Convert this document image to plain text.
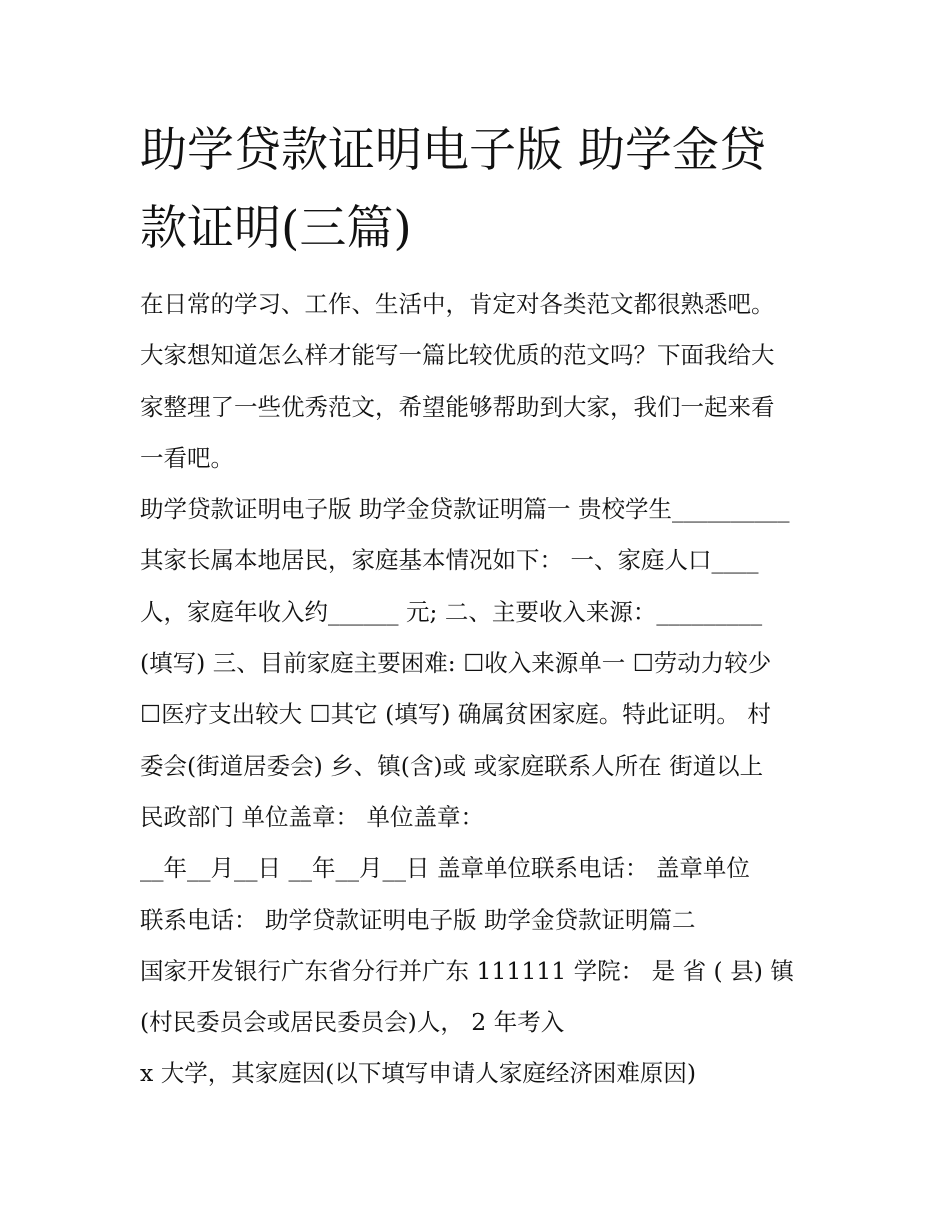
助学贷款证明电子版 助学金贷
款证明(三篇)
在日常的学习、工作、生活中，肯定对各类范文都很熟悉吧。
大家想知道怎么样才能写一篇比较优质的范文吗？下面我给大
家整理了一些优秀范文，希望能够帮助到大家，我们一起来看
一看吧。
助学贷款证明电子版 助学金贷款证明篇一 贵校学生__________
其家长属本地居民，家庭基本情况如下： 一、家庭人口____
人，家庭年收入约______ 元; 二、主要收入来源：_________
(填写) 三、目前家庭主要困难: ☐收入来源单一 ☐劳动力较少
☐医疗支出较大 ☐其它 (填写) 确属贫困家庭。特此证明。 村
委会(街道居委会) 乡、镇(含)或 或家庭联系人所在 街道以上
民政部门 单位盖章： 单位盖章：
__年__月__日 __年__月__日 盖章单位联系电话： 盖章单位
联系电话： 助学贷款证明电子版 助学金贷款证明篇二
国家开发银行广东省分行并广东 111111 学院： 是 省 ( 县) 镇
(村民委员会或居民委员会)人， 2 年考入
x 大学，其家庭因(以下填写申请人家庭经济困难原因)
